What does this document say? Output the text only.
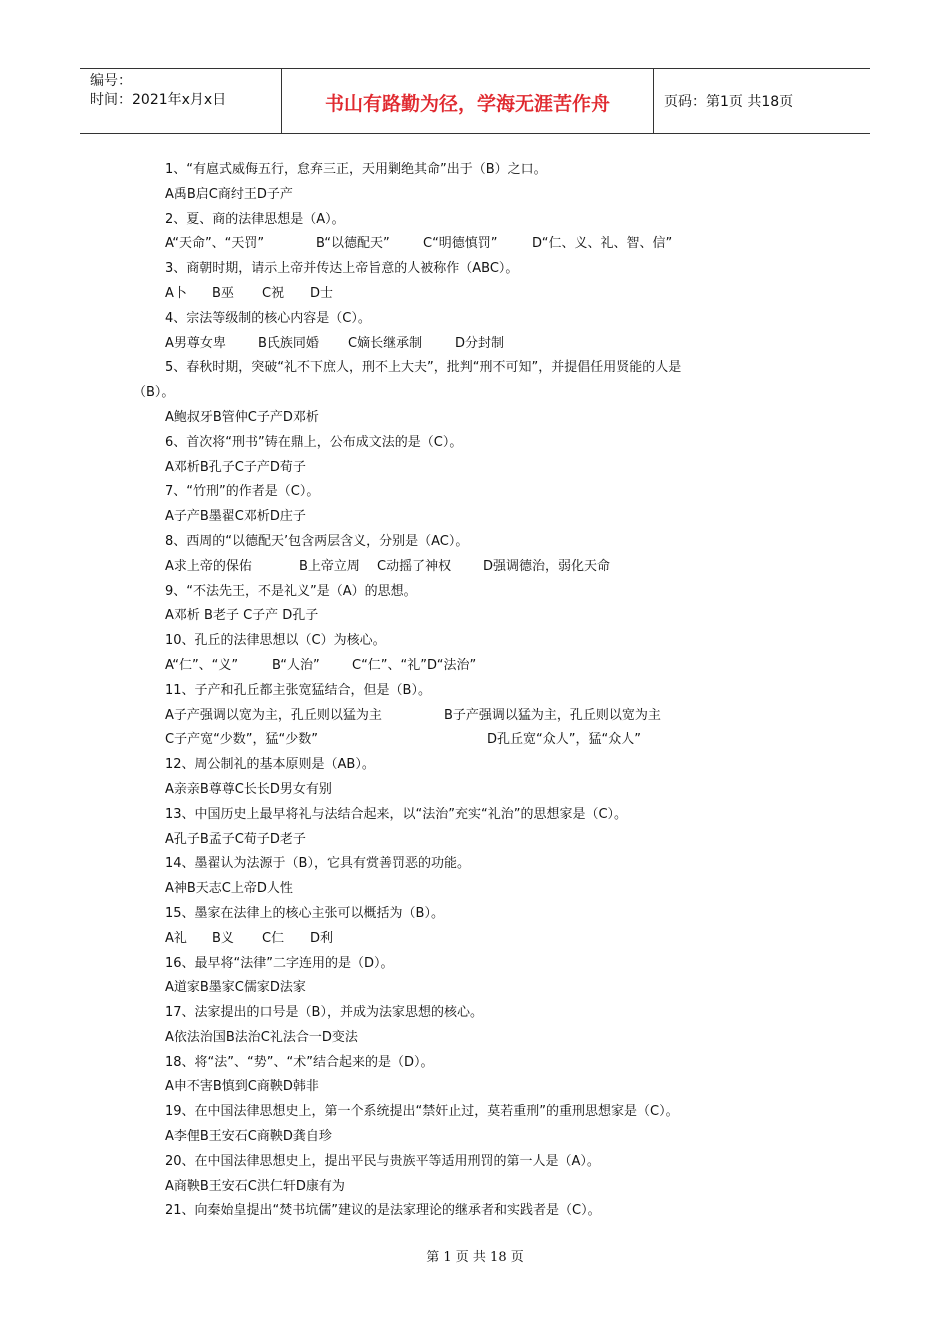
编号：
时间：2021年x月x日	书山有路勤为径，学海无涯苦作舟	页码：第1页 共18页
1、“有扈式威侮五行，怠弃三正，天用剿绝其命”出于（B）之口。
A禹B启C商纣王D子产
2、夏、商的法律思想是（A）。
A“天命”、“天罚”	B“以德配天”	C“明德慎罚”	D“仁、义、礼、智、信”
3、商朝时期，请示上帝并传达上帝旨意的人被称作（ABC）。
A卜 B巫 C祝 D士
4、宗法等级制的核心内容是（C）。
A男尊女卑 B氏族同婚 C嫡长继承制	D分封制
5、春秋时期，突破“礼不下庶人，刑不上大夫”，批判“刑不可知”，并提倡任用贤能的人是
（B）。
A鲍叔牙B管仲C子产D邓析
6、首次将“刑书”铸在鼎上，公布成文法的是（C）。
A邓析B孔子C子产D荀子
7、“竹刑”的作者是（C）。
A子产B墨翟C邓析D庄子
8、西周的“以德配天’包含两层含义，分别是（AC）。
A求上帝的保佑	B上帝立周 C动摇了神权 D强调德治，弱化天命
9、“不法先王，不是礼义”是（A）的思想。
A邓析 B老子 C子产 D孔子
10、孔丘的法律思想以（C）为核心。
A“仁”、“义”	B“人治” C“仁”、“礼”D“法治”
11、子产和孔丘都主张宽猛结合，但是（B）。
A子产强调以宽为主，孔丘则以猛为主	B子产强调以猛为主，孔丘则以宽为主
C子产宽“少数”，猛“少数”	D孔丘宽“众人”，猛“众人”
12、周公制礼的基本原则是（AB）。
A亲亲B尊尊C长长D男女有别
13、中国历史上最早将礼与法结合起来，以“法治”充实“礼治”的思想家是（C）。
A孔子B孟子C荀子D老子
14、墨翟认为法源于（B），它具有赏善罚恶的功能。
A神B天志C上帝D人性
15、墨家在法律上的核心主张可以概括为（B）。
A礼 B义 C仁 D利
16、最早将“法律”二字连用的是（D）。
A道家B墨家C儒家D法家
17、法家提出的口号是（B），并成为法家思想的核心。
A依法治国B法治C礼法合一D变法
18、将“法”、“势”、“术”结合起来的是（D）。
A申不害B慎到C商鞅D韩非
19、在中国法律思想史上，第一个系统提出“禁奸止过，莫若重刑”的重刑思想家是（C）。
A李俚B王安石C商鞅D龚自珍
20、在中国法律思想史上，提出平民与贵族平等适用刑罚的第一人是（A）。
A商鞅B王安石C洪仁轩D康有为
21、向秦始皇提出“焚书坑儒”建议的是法家理论的继承者和实践者是（C）。
第 1 页 共 18 页
